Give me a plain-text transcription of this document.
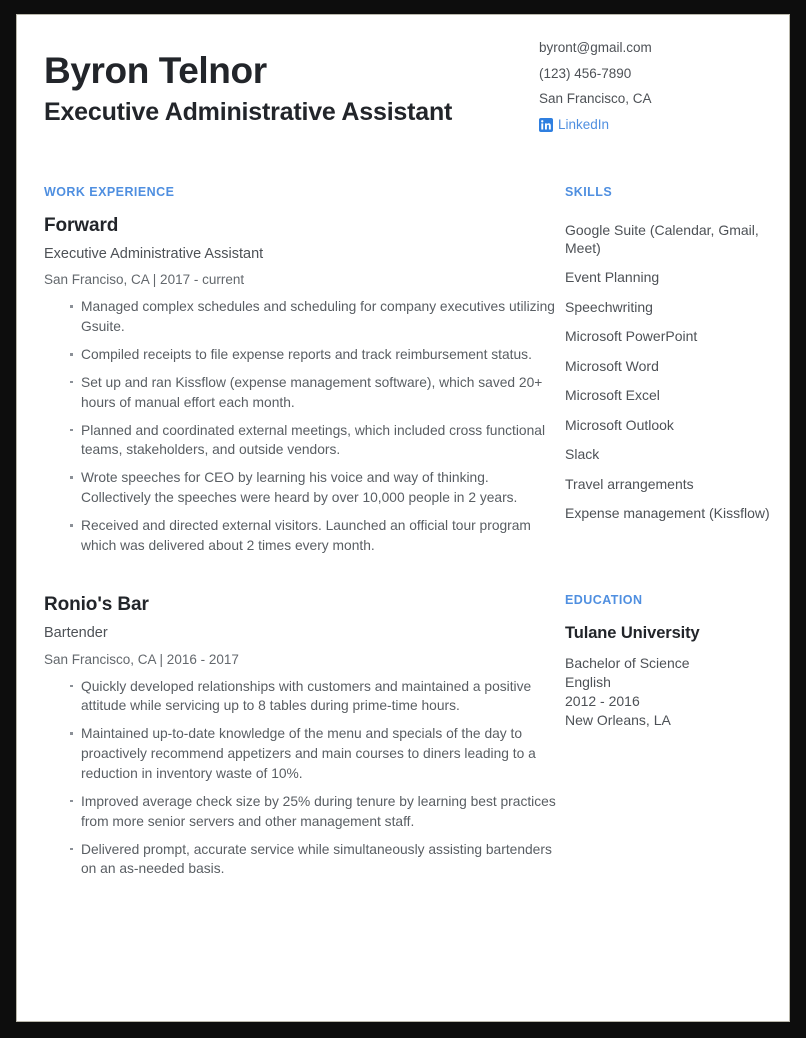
Byron Telnor
Executive Administrative Assistant
byront@gmail.com
(123) 456-7890
San Francisco, CA
LinkedIn
WORK EXPERIENCE
Forward
Executive Administrative Assistant
San Franciso, CA | 2017 - current
Managed complex schedules and scheduling for company executives utilizing Gsuite.
Compiled receipts to file expense reports and track reimbursement status.
Set up and ran Kissflow (expense management software), which saved 20+ hours of manual effort each month.
Planned and coordinated external meetings, which included cross functional teams, stakeholders, and outside vendors.
Wrote speeches for CEO by learning his voice and way of thinking. Collectively the speeches were heard by over 10,000 people in 2 years.
Received and directed external visitors. Launched an official tour program which was delivered about 2 times every month.
Ronio's Bar
Bartender
San Francisco, CA | 2016 - 2017
Quickly developed relationships with customers and maintained a positive attitude while servicing up to 8 tables during prime-time hours.
Maintained up-to-date knowledge of the menu and specials of the day to proactively recommend appetizers and main courses to diners leading to a reduction in inventory waste of 10%.
Improved average check size by 25% during tenure by learning best practices from more senior servers and other management staff.
Delivered prompt, accurate service while simultaneously assisting bartenders on an as-needed basis.
SKILLS
Google Suite (Calendar, Gmail, Meet)
Event Planning
Speechwriting
Microsoft PowerPoint
Microsoft Word
Microsoft Excel
Microsoft Outlook
Slack
Travel arrangements
Expense management (Kissflow)
EDUCATION
Tulane University
Bachelor of Science
English
2012 - 2016
New Orleans, LA
